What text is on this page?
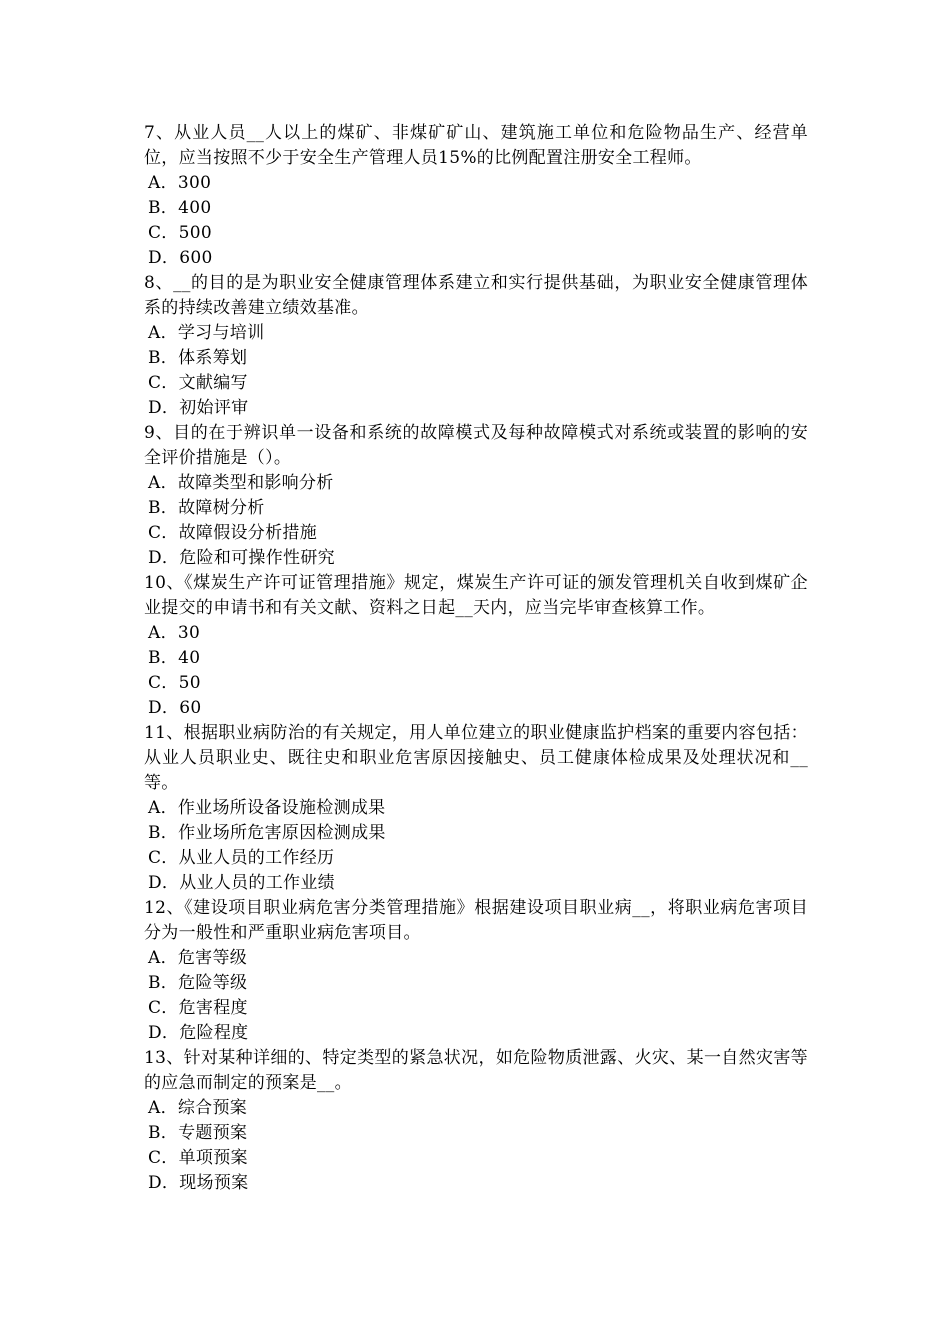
7、从业人员__人以上的煤矿、非煤矿矿山、建筑施工单位和危险物品生产、经营单位，应当按照不少于安全生产管理人员15%的比例配置注册安全工程师。

A．300

B．400

C．500

D．600

8、__的目的是为职业安全健康管理体系建立和实行提供基础，为职业安全健康管理体系的持续改善建立绩效基准。

A．学习与培训

B．体系筹划

C．文献编写

D．初始评审

9、目的在于辨识单一设备和系统的故障模式及每种故障模式对系统或装置的影响的安全评价措施是（）。

A．故障类型和影响分析

B．故障树分析

C．故障假设分析措施

D．危险和可操作性研究

10、《煤炭生产许可证管理措施》规定，煤炭生产许可证的颁发管理机关自收到煤矿企业提交的申请书和有关文献、资料之日起__天内，应当完毕审查核算工作。

A．30

B．40

C．50

D．60

11、根据职业病防治的有关规定，用人单位建立的职业健康监护档案的重要内容包括：从业人员职业史、既往史和职业危害原因接触史、员工健康体检成果及处理状况和__等。

A．作业场所设备设施检测成果

B．作业场所危害原因检测成果

C．从业人员的工作经历

D．从业人员的工作业绩

12、《建设项目职业病危害分类管理措施》根据建设项目职业病__，将职业病危害项目分为一般性和严重职业病危害项目。

A．危害等级

B．危险等级

C．危害程度

D．危险程度

13、针对某种详细的、特定类型的紧急状况，如危险物质泄露、火灾、某一自然灾害等的应急而制定的预案是__。

A．综合预案

B．专题预案

C．单项预案

D．现场预案
